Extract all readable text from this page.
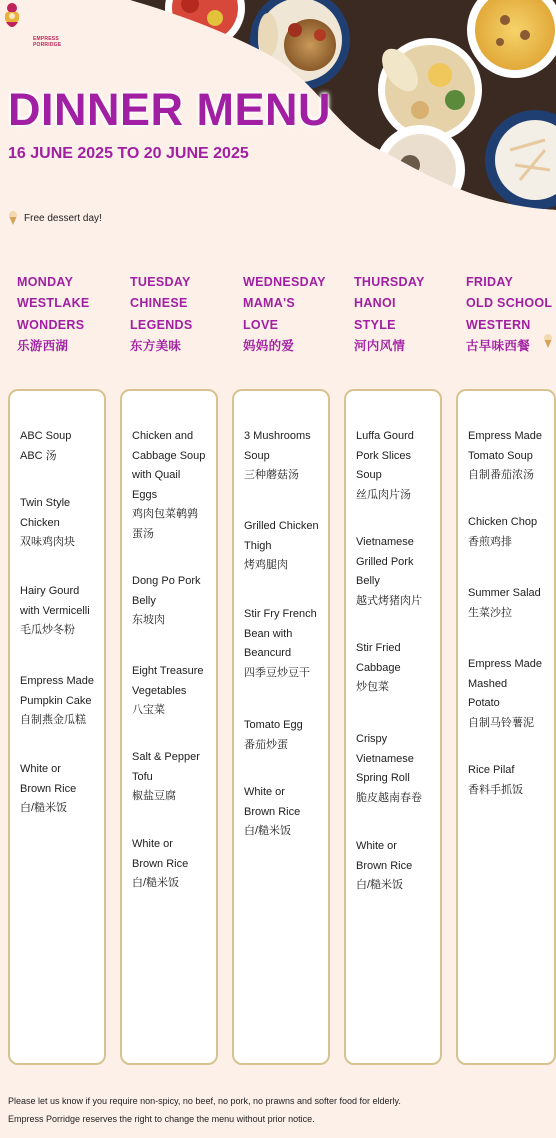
EMPRESS
PORRIDGE
DINNER MENU
16 JUNE 2025 TO 20 JUNE 2025
Free dessert day!
MONDAY
WESTLAKE
WONDERS
乐游西湖
TUESDAY
CHINESE
LEGENDS
东方美味
WEDNESDAY
MAMA'S
LOVE
妈妈的爱
THURSDAY
HANOI
STYLE
河内风情
FRIDAY
OLD SCHOOL
WESTERN
古早味西餐
ABC Soup
ABC 汤
Twin Style
Chicken
双味鸡肉块
Hairy Gourd
with Vermicelli
毛瓜炒冬粉
Empress Made
Pumpkin Cake
自制燕金瓜糕
White or
Brown Rice
白/糙米饭
Chicken and
Cabbage Soup
with Quail
Eggs
鸡肉包菜鹌鹑
蛋汤
Dong Po Pork
Belly
东坡肉
Eight Treasure
Vegetables
八宝菜
Salt & Pepper
Tofu
椒盐豆腐
White or
Brown Rice
白/糙米饭
3 Mushrooms
Soup
三种蘑菇汤
Grilled Chicken
Thigh
烤鸡腿肉
Stir Fry French
Bean with
Beancurd
四季豆炒豆干
Tomato Egg
番茄炒蛋
White or
Brown Rice
白/糙米饭
Luffa Gourd
Pork Slices
Soup
丝瓜肉片汤
Vietnamese
Grilled Pork
Belly
越式烤猪肉片
Stir Fried
Cabbage
炒包菜
Crispy
Vietnamese
Spring Roll
脆皮越南春卷
White or
Brown Rice
白/糙米饭
Empress Made
Tomato Soup
自制番茄浓汤
Chicken Chop
香煎鸡排
Summer Salad
生菜沙拉
Empress Made
Mashed
Potato
自制马铃薯泥
Rice Pilaf
香料手抓饭
Please let us know if you require non-spicy, no beef, no pork, no prawns and softer food for elderly.
Empress Porridge reserves the right to change the menu without prior notice.
